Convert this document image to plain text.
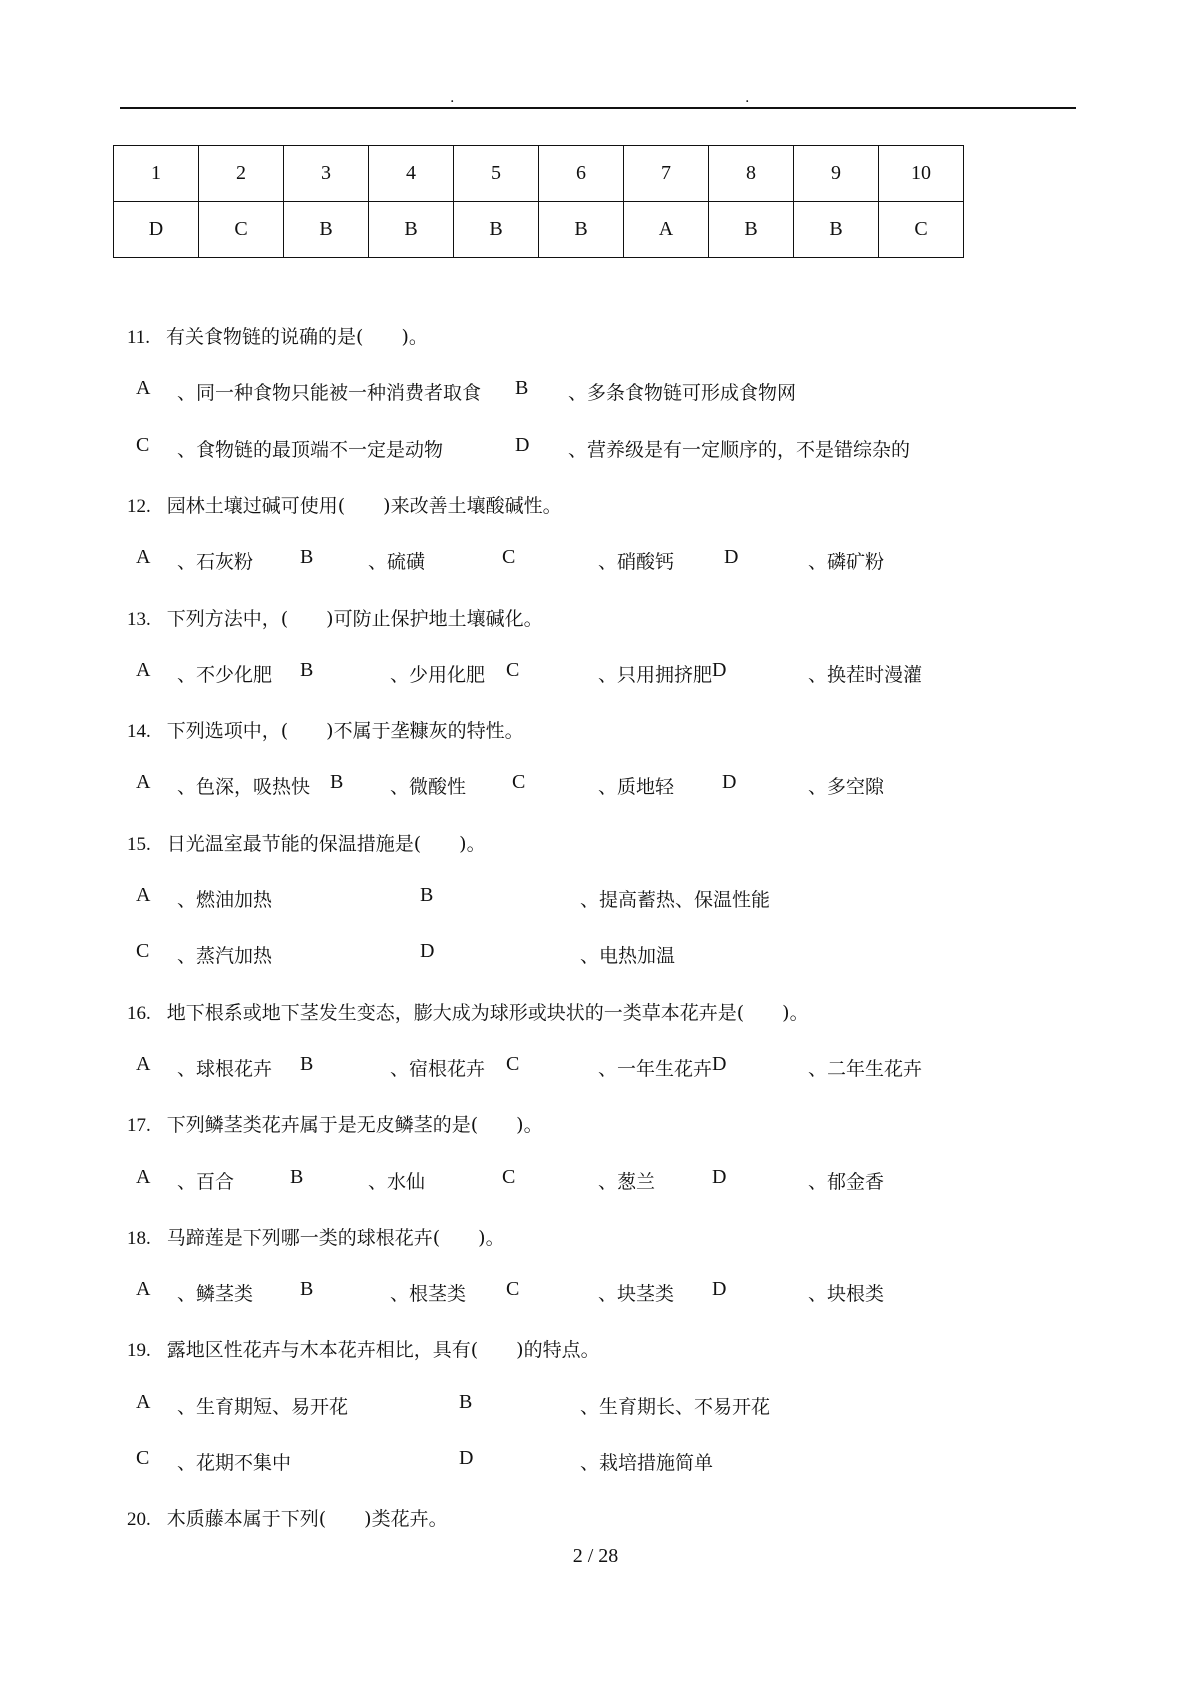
.	.
1	2	3	4	5	6	7	8	9	10
D	C	B	B	B	B	A	B	B	C
11. 有关食物链的说确的是(　　)。
A 、同一种食物只能被一种消费者取食 B 、多条食物链可形成食物网
C 、食物链的最顶端不一定是动物	D 、营养级是有一定顺序的，不是错综杂的
12. 园林土壤过碱可使用(　　)来改善土壤酸碱性。
A 、石灰粉 B	、硫磺	C	、硝酸钙 D	、磷矿粉
13. 下列方法中，(　　)可防止保护地土壤碱化。
A 、不少化肥 B	、少用化肥 C	、只用拥挤肥 D	、换茬时漫灌
14. 下列选项中，(　　)不属于垄糠灰的特性。
A 、色深，吸热快 B 、微酸性 C	、质地轻 D	、多空隙
15. 日光温室最节能的保温措施是(　　)。
A 、燃油加热	B	、提高蓄热、保温性能
C 、蒸汽加热	D	、电热加温
16. 地下根系或地下茎发生变态，膨大成为球形或块状的一类草本花卉是(　　)。
A 、球根花卉 B	、宿根花卉 C	、一年生花卉 D	、二年生花卉
17. 下列鳞茎类花卉属于是无皮鳞茎的是(　　)。
A 、百合	B	、水仙	C	、葱兰	D	、郁金香
18. 马蹄莲是下列哪一类的球根花卉(　　)。
A 、鳞茎类 B	、根茎类 C	、块茎类 D	、块根类
19. 露地区性花卉与木本花卉相比，具有(　　)的特点。
A 、生育期短、易开花	B	、生育期长、不易开花
C 、花期不集中	D	、栽培措施简单
20. 木质藤本属于下列(　　)类花卉。
2 / 28
